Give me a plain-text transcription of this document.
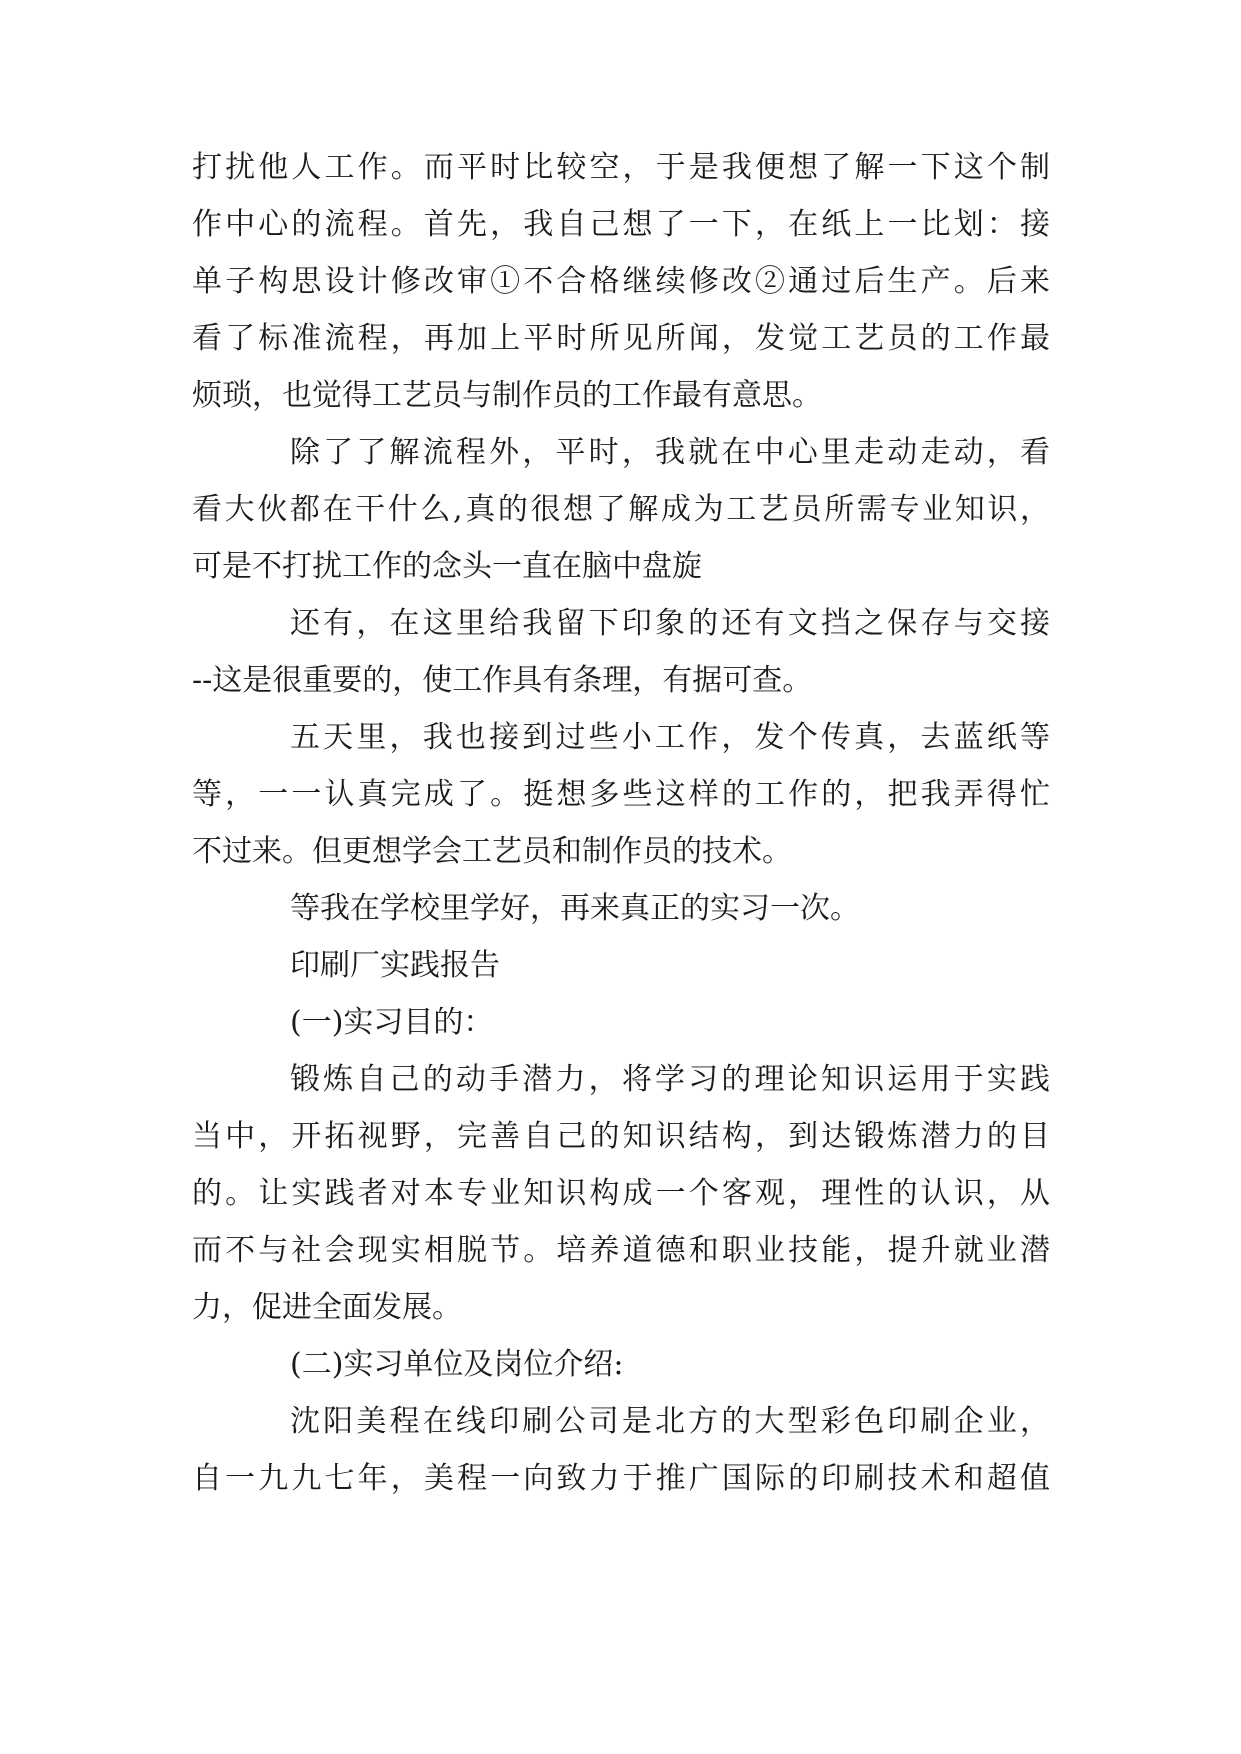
打扰他人工作。而平时比较空，于是我便想了解一下这个制
作中心的流程。首先，我自己想了一下，在纸上一比划：接
单子构思设计修改审①不合格继续修改②通过后生产。后来
看了标准流程，再加上平时所见所闻，发觉工艺员的工作最
烦琐，也觉得工艺员与制作员的工作最有意思。
除了了解流程外，平时，我就在中心里走动走动，看
看大伙都在干什么,真的很想了解成为工艺员所需专业知识，
可是不打扰工作的念头一直在脑中盘旋
还有，在这里给我留下印象的还有文挡之保存与交接
--这是很重要的，使工作具有条理，有据可查。
五天里，我也接到过些小工作，发个传真，去蓝纸等
等，一一认真完成了。挺想多些这样的工作的，把我弄得忙
不过来。但更想学会工艺员和制作员的技术。
等我在学校里学好，再来真正的实习一次。
印刷厂实践报告
(一)实习目的：
锻炼自己的动手潜力，将学习的理论知识运用于实践
当中，开拓视野，完善自己的知识结构，到达锻炼潜力的目
的。让实践者对本专业知识构成一个客观，理性的认识，从
而不与社会现实相脱节。培养道德和职业技能，提升就业潜
力，促进全面发展。
(二)实习单位及岗位介绍:
沈阳美程在线印刷公司是北方的大型彩色印刷企业，
自一九九七年，美程一向致力于推广国际的印刷技术和超值
